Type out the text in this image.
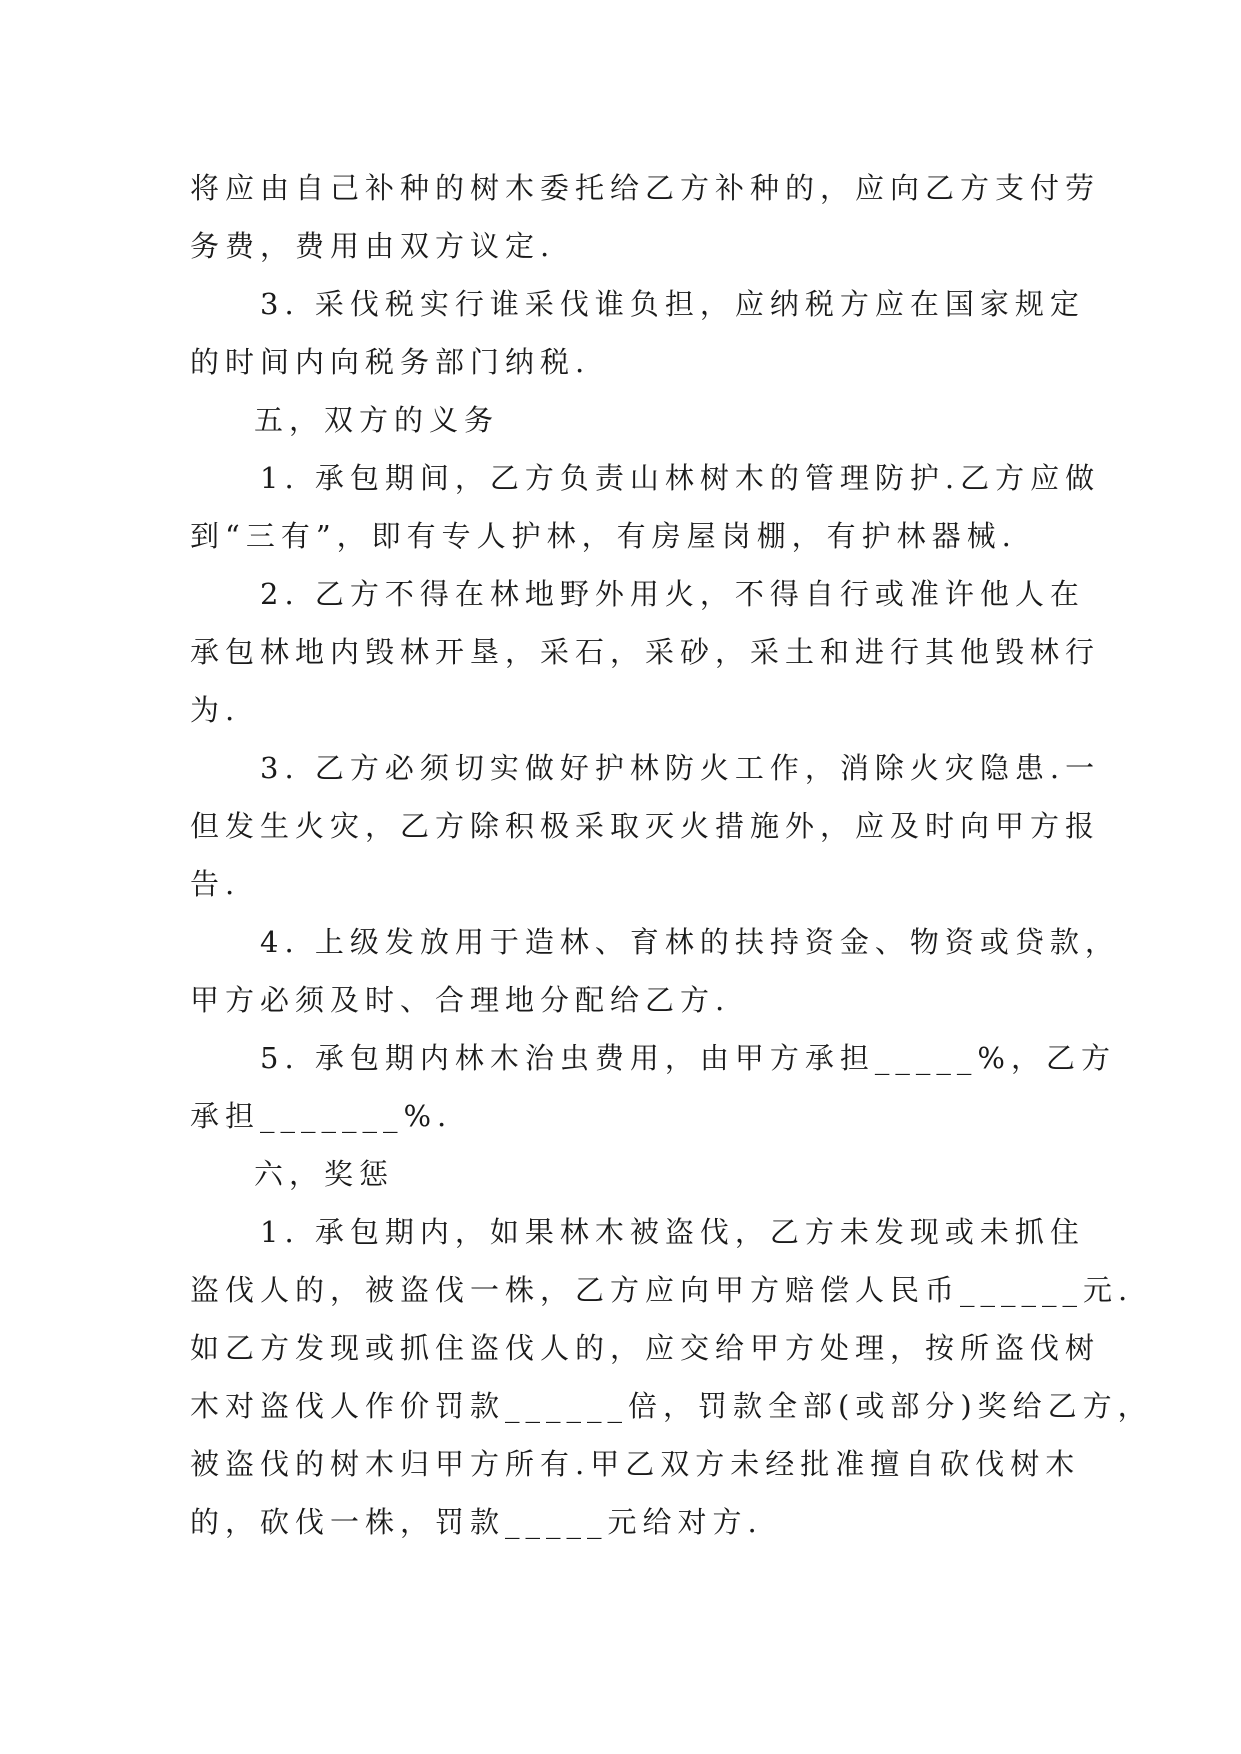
将应由自己补种的树木委托给乙方补种的，应向乙方支付劳
务费，费用由双方议定.
3. 采伐税实行谁采伐谁负担，应纳税方应在国家规定
的时间内向税务部门纳税.
五，双方的义务
1. 承包期间，乙方负责山林树木的管理防护.乙方应做
到“三有”，即有专人护林，有房屋岗棚，有护林器械.
2. 乙方不得在林地野外用火，不得自行或准许他人在
承包林地内毁林开垦，采石，采砂，采土和进行其他毁林行
为.
3. 乙方必须切实做好护林防火工作，消除火灾隐患.一
但发生火灾，乙方除积极采取灭火措施外，应及时向甲方报
告.
4. 上级发放用于造林、育林的扶持资金、物资或贷款，
甲方必须及时、合理地分配给乙方.
5. 承包期内林木治虫费用，由甲方承担_____%，乙方
承担_______%.
六，奖惩
1. 承包期内，如果林木被盗伐，乙方未发现或未抓住
盗伐人的，被盗伐一株，乙方应向甲方赔偿人民币______元.
如乙方发现或抓住盗伐人的，应交给甲方处理，按所盗伐树
木对盗伐人作价罚款______倍，罚款全部(或部分)奖给乙方，
被盗伐的树木归甲方所有.甲乙双方未经批准擅自砍伐树木
的，砍伐一株，罚款_____元给对方.
